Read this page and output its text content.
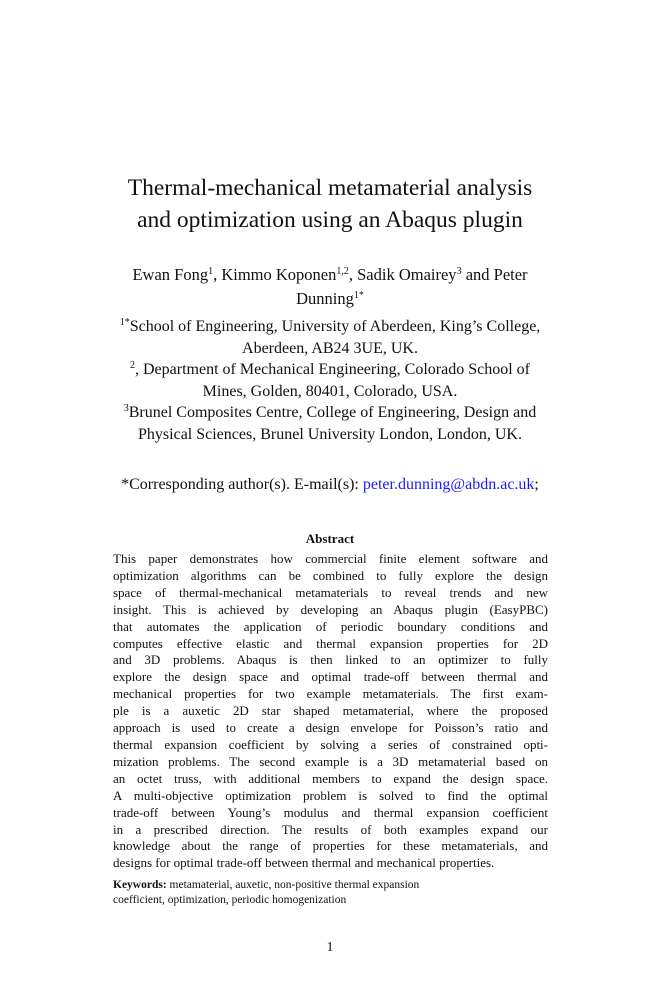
Thermal-mechanical metamaterial analysis
and optimization using an Abaqus plugin
Ewan Fong$^1$, Kimmo Koponen$^{1,2}$, Sadik Omairey$^3$ and Peter
Dunning$^{1*}$
$^{1*}$School of Engineering, University of Aberdeen, King’s College,
Aberdeen, AB24 3UE, UK.
$^2$, Department of Mechanical Engineering, Colorado School of
Mines, Golden, 80401, Colorado, USA.
$^3$Brunel Composites Centre, College of Engineering, Design and
Physical Sciences, Brunel University London, London, UK.
*Corresponding author(s). E-mail(s): peter.dunning@abdn.ac.uk;
Abstract
This paper demonstrates how commercial finite element software and
optimization algorithms can be combined to fully explore the design
space of thermal-mechanical metamaterials to reveal trends and new
insight. This is achieved by developing an Abaqus plugin (EasyPBC)
that automates the application of periodic boundary conditions and
computes effective elastic and thermal expansion properties for 2D
and 3D problems. Abaqus is then linked to an optimizer to fully
explore the design space and optimal trade-off between thermal and
mechanical properties for two example metamaterials. The first exam-
ple is a auxetic 2D star shaped metamaterial, where the proposed
approach is used to create a design envelope for Poisson’s ratio and
thermal expansion coefficient by solving a series of constrained opti-
mization problems. The second example is a 3D metamaterial based on
an octet truss, with additional members to expand the design space.
A multi-objective optimization problem is solved to find the optimal
trade-off between Young’s modulus and thermal expansion coefficient
in a prescribed direction. The results of both examples expand our
knowledge about the range of properties for these metamaterials, and
designs for optimal trade-off between thermal and mechanical properties.
Keywords: metamaterial, auxetic, non-positive thermal expansion
coefficient, optimization, periodic homogenization
1
